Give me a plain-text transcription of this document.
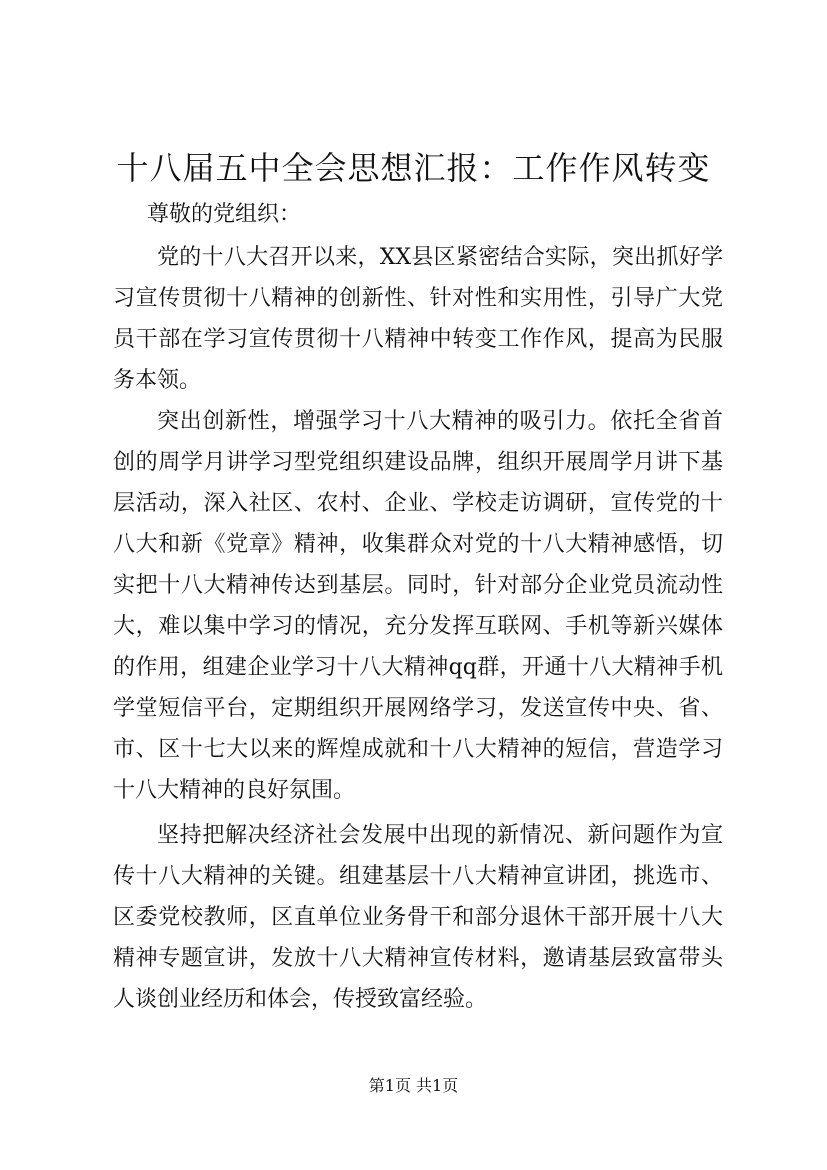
十八届五中全会思想汇报：工作作风转变
尊敬的党组织：

党的十八大召开以来，XX县区紧密结合实际，突出抓好学习宣传贯彻十八精神的创新性、针对性和实用性，引导广大党员干部在学习宣传贯彻十八精神中转变工作作风，提高为民服务本领。

突出创新性，增强学习十八大精神的吸引力。依托全省首创的周学月讲学习型党组织建设品牌，组织开展周学月讲下基层活动，深入社区、农村、企业、学校走访调研，宣传党的十八大和新《党章》精神，收集群众对党的十八大精神感悟，切实把十八大精神传达到基层。同时，针对部分企业党员流动性大，难以集中学习的情况，充分发挥互联网、手机等新兴媒体的作用，组建企业学习十八大精神qq群，开通十八大精神手机学堂短信平台，定期组织开展网络学习，发送宣传中央、省、市、区十七大以来的辉煌成就和十八大精神的短信，营造学习十八大精神的良好氛围。

坚持把解决经济社会发展中出现的新情况、新问题作为宣传十八大精神的关键。组建基层十八大精神宣讲团，挑选市、区委党校教师，区直单位业务骨干和部分退休干部开展十八大精神专题宣讲，发放十八大精神宣传材料，邀请基层致富带头人谈创业经历和体会，传授致富经验。

第1页 共1页
